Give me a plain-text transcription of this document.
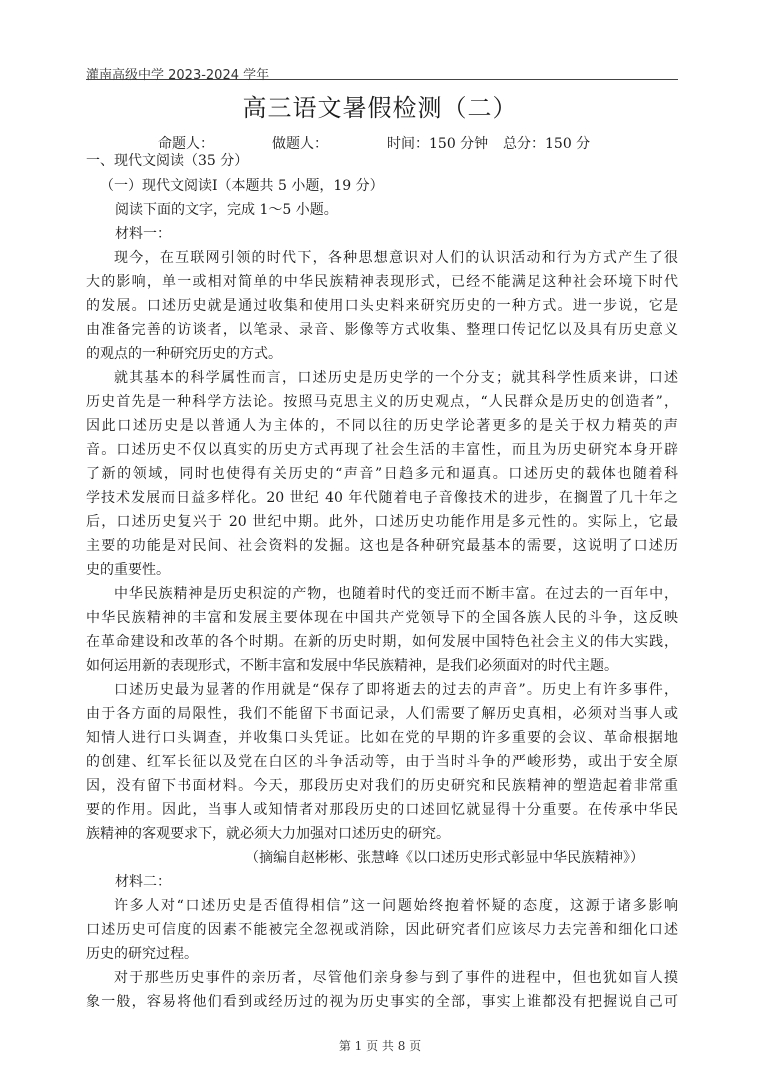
灌南高级中学 2023-2024 学年
高三语文暑假检测（二）
命题人：	做题人：	时间：150 分钟 总分：150 分
一、现代文阅读（35 分）
（一）现代文阅读Ⅰ（本题共 5 小题，19 分）
阅读下面的文字，完成 1～5 小题。
材料一：
现今，在互联网引领的时代下，各种思想意识对人们的认识活动和行为方式产生了很
大的影响，单一或相对简单的中华民族精神表现形式，已经不能满足这种社会环境下时代
的发展。口述历史就是通过收集和使用口头史料来研究历史的一种方式。进一步说，它是
由准备完善的访谈者，以笔录、录音、影像等方式收集、整理口传记忆以及具有历史意义
的观点的一种研究历史的方式。
就其基本的科学属性而言，口述历史是历史学的一个分支；就其科学性质来讲，口述
历史首先是一种科学方法论。按照马克思主义的历史观点，“人民群众是历史的创造者”，
因此口述历史是以普通人为主体的，不同以往的历史学论著更多的是关于权力精英的声
音。口述历史不仅以真实的历史方式再现了社会生活的丰富性，而且为历史研究本身开辟
了新的领域，同时也使得有关历史的“声音”日趋多元和逼真。口述历史的载体也随着科
学技术发展而日益多样化。20 世纪 40 年代随着电子音像技术的进步，在搁置了几十年之
后，口述历史复兴于 20 世纪中期。此外，口述历史功能作用是多元性的。实际上，它最
主要的功能是对民间、社会资料的发掘。这也是各种研究最基本的需要，这说明了口述历
史的重要性。
中华民族精神是历史积淀的产物，也随着时代的变迁而不断丰富。在过去的一百年中，
中华民族精神的丰富和发展主要体现在中国共产党领导下的全国各族人民的斗争，这反映
在革命建设和改革的各个时期。在新的历史时期，如何发展中国特色社会主义的伟大实践，
如何运用新的表现形式，不断丰富和发展中华民族精神，是我们必须面对的时代主题。
口述历史最为显著的作用就是“保存了即将逝去的过去的声音”。历史上有许多事件，
由于各方面的局限性，我们不能留下书面记录，人们需要了解历史真相，必须对当事人或
知情人进行口头调查，并收集口头凭证。比如在党的早期的许多重要的会议、革命根据地
的创建、红军长征以及党在白区的斗争活动等，由于当时斗争的严峻形势，或出于安全原
因，没有留下书面材料。今天，那段历史对我们的历史研究和民族精神的塑造起着非常重
要的作用。因此，当事人或知情者对那段历史的口述回忆就显得十分重要。在传承中华民
族精神的客观要求下，就必须大力加强对口述历史的研究。
（摘编自赵彬彬、张慧峰《以口述历史形式彰显中华民族精神》）
材料二：
许多人对“口述历史是否值得相信”这一问题始终抱着怀疑的态度，这源于诸多影响
口述历史可信度的因素不能被完全忽视或消除，因此研究者们应该尽力去完善和细化口述
历史的研究过程。
对于那些历史事件的亲历者，尽管他们亲身参与到了事件的进程中，但也犹如盲人摸
象一般，容易将他们看到或经历过的视为历史事实的全部，事实上谁都没有把握说自己可
第 1 页 共 8 页
